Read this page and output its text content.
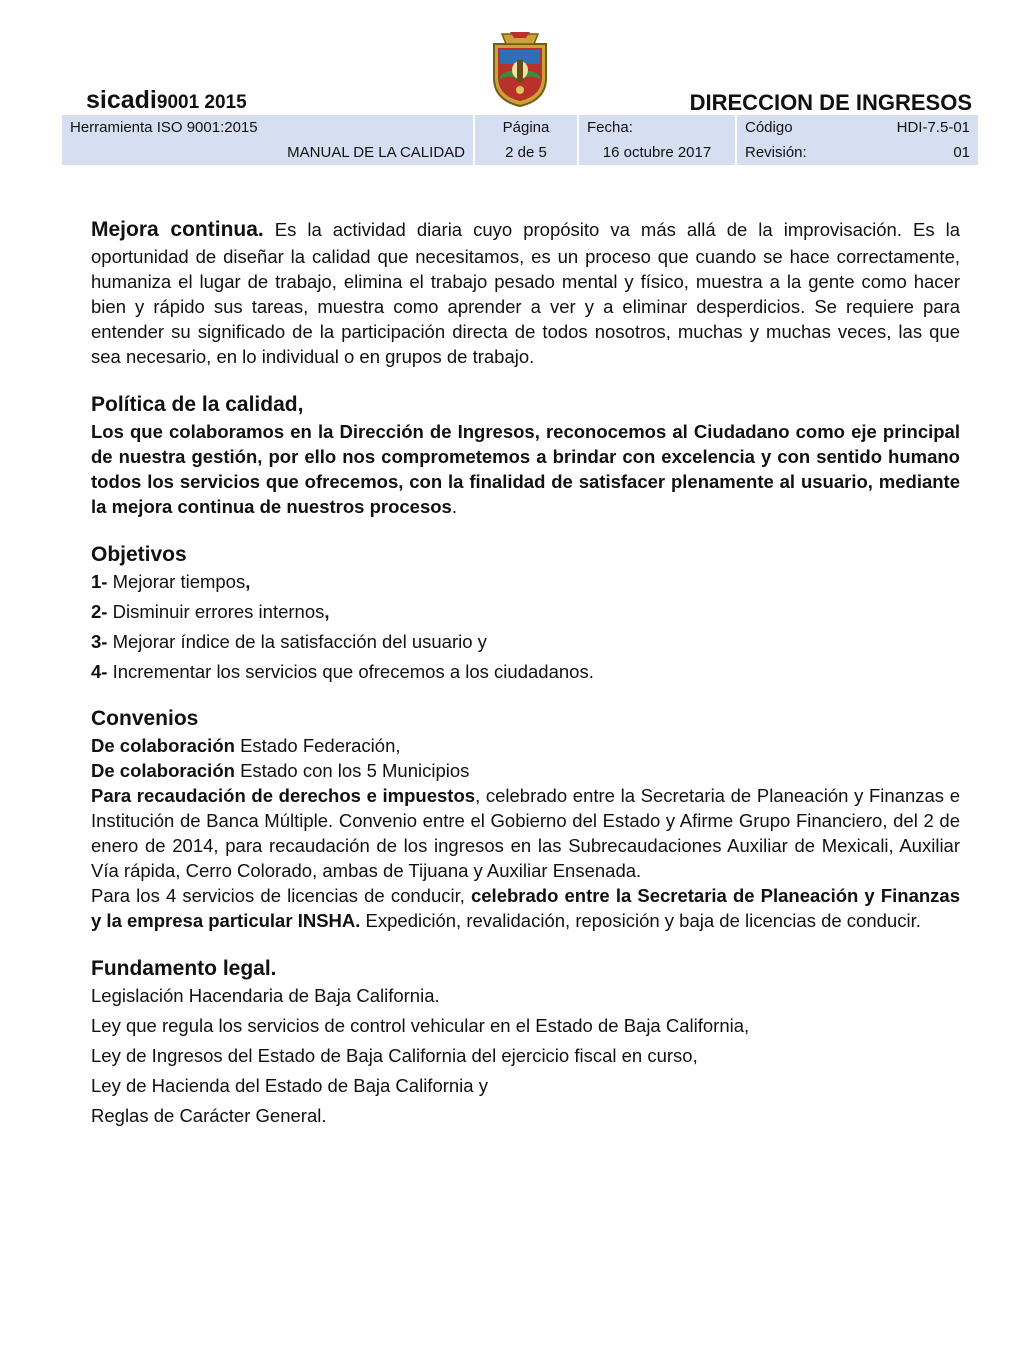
sicadi9001 2015	DIRECCION DE INGRESOS
Herramienta ISO 9001:2015	Página	Fecha:	Código	HDI-7.5-01
MANUAL DE LA CALIDAD	2 de 5	16 octubre 2017	Revisión:	01

Mejora continua. Es la actividad diaria cuyo propósito va más allá de la improvisación. Es la oportunidad de diseñar la calidad que necesitamos, es un proceso que cuando se hace correctamente, humaniza el lugar de trabajo, elimina el trabajo pesado mental y físico, muestra a la gente como hacer bien y rápido sus tareas, muestra como aprender a ver y a eliminar desperdicios. Se requiere para entender su significado de la participación directa de todos nosotros, muchas y muchas veces, las que sea necesario, en lo individual o en grupos de trabajo.

Política de la calidad,

Los que colaboramos en la Dirección de Ingresos, reconocemos al Ciudadano como eje principal de nuestra gestión, por ello nos comprometemos a brindar con excelencia y con sentido humano todos los servicios que ofrecemos, con la finalidad de satisfacer plenamente al usuario, mediante la mejora continua de nuestros procesos.

Objetivos

1- Mejorar tiempos,

2- Disminuir errores internos,

3- Mejorar índice de la satisfacción del usuario y

4- Incrementar los servicios que ofrecemos a los ciudadanos.

Convenios

De colaboración Estado Federación,

De colaboración Estado con los 5 Municipios

Para recaudación de derechos e impuestos, celebrado entre la Secretaria de Planeación y Finanzas e Institución de Banca Múltiple. Convenio entre el Gobierno del Estado y Afirme Grupo Financiero, del 2 de enero de 2014, para recaudación de los ingresos en las Subrecaudaciones Auxiliar de Mexicali, Auxiliar Vía rápida, Cerro Colorado, ambas de Tijuana y Auxiliar Ensenada.

Para los 4 servicios de licencias de conducir, celebrado entre la Secretaria de Planeación y Finanzas y la empresa particular INSHA. Expedición, revalidación, reposición y baja de licencias de conducir.

Fundamento legal.

Legislación Hacendaria de Baja California.

Ley que regula los servicios de control vehicular en el Estado de Baja California,

Ley de Ingresos del Estado de Baja California del ejercicio fiscal en curso,

Ley de Hacienda del Estado de Baja California y

Reglas de Carácter General.
